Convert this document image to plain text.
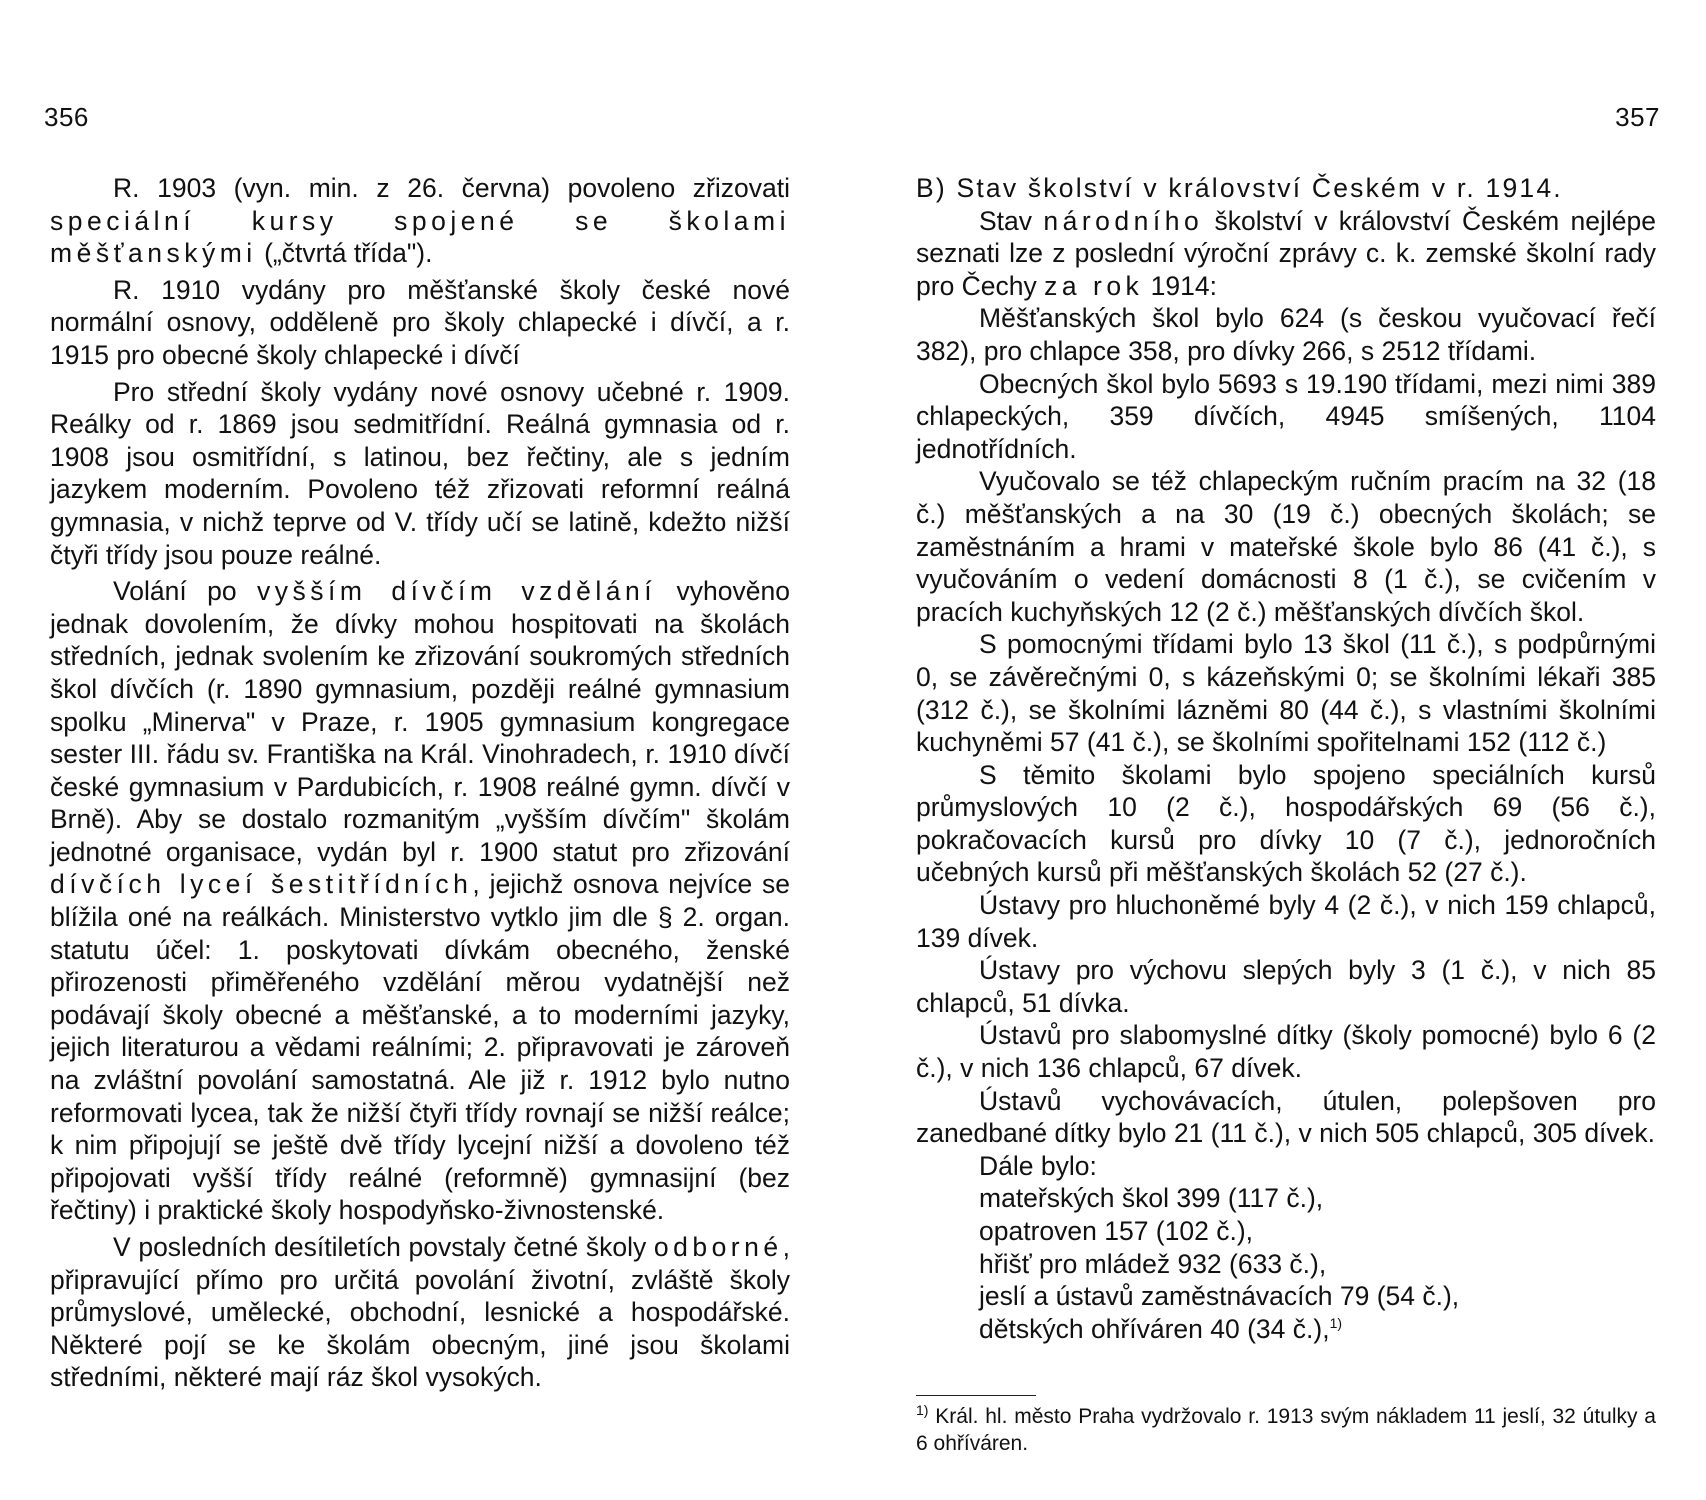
356

R. 1903 (vyn. min. z 26. června) povoleno zřizovati speciální kursy spojené se školami měšťanskými („čtvrtá třída").

R. 1910 vydány pro měšťanské školy české nové normální osnovy, odděleně pro školy chlapecké i dívčí, a r. 1915 pro obecné školy chlapecké i dívčí

Pro střední školy vydány nové osnovy učebné r. 1909. Reálky od r. 1869 jsou sedmitřídní. Reálná gymnasia od r. 1908 jsou osmitřídní, s latinou, bez řečtiny, ale s jedním jazykem moderním. Povoleno též zřizovati reformní reálná gymnasia, v nichž teprve od V. třídy učí se latině, kdežto nižší čtyři třídy jsou pouze reálné.

Volání po vyšším dívčím vzdělání vyhověno jednak dovolením, že dívky mohou hospitovati na školách středních, jednak svolením ke zřizování soukromých středních škol dívčích (r. 1890 gymnasium, později reálné gymnasium spolku „Minerva" v Praze, r. 1905 gymnasium kongregace sester III. řádu sv. Františka na Král. Vinohradech, r. 1910 dívčí české gymnasium v Pardubicích, r. 1908 reálné gymn. dívčí v Brně). Aby se dostalo rozmanitým „vyšším dívčím" školám jednotné organisace, vydán byl r. 1900 statut pro zřizování dívčích lyceí šestitřídních, jejichž osnova nejvíce se blížila oné na reálkách. Ministerstvo vytklo jim dle § 2. organ. statutu účel: 1. poskytovati dívkám obecného, ženské přirozenosti přiměřeného vzdělání měrou vydatnější než podávají školy obecné a měšťanské, a to moderními jazyky, jejich literaturou a vědami reálními; 2. připravovati je zároveň na zvláštní povolání samostatná. Ale již r. 1912 bylo nutno reformovati lycea, tak že nižší čtyři třídy rovnají se nižší reálce; k nim připojují se ještě dvě třídy lycejní nižší a dovoleno též připojovati vyšší třídy reálné (reformně) gymnasijní (bez řečtiny) i praktické školy hospodyňsko-živnostenské.

V posledních desítiletích povstaly četné školy odborné, připravující přímo pro určitá povolání životní, zvláště školy průmyslové, umělecké, obchodní, lesnické a hospodářské. Některé pojí se ke školám obecným, jiné jsou školami středními, některé mají ráz škol vysokých.

357

B) Stav školství v království Českém v r. 1914.

Stav národního školství v království Českém nejlépe seznati lze z poslední výroční zprávy c. k. zemské školní rady pro Čechy za rok 1914:

Měšťanských škol bylo 624 (s českou vyučovací řečí 382), pro chlapce 358, pro dívky 266, s 2512 třídami.

Obecných škol bylo 5693 s 19.190 třídami, mezi nimi 389 chlapeckých, 359 dívčích, 4945 smíšených, 1104 jednotřídních.

Vyučovalo se též chlapeckým ručním pracím na 32 (18 č.) měšťanských a na 30 (19 č.) obecných školách; se zaměstnáním a hrami v mateřské škole bylo 86 (41 č.), s vyučováním o vedení domácnosti 8 (1 č.), se cvičením v pracích kuchyňských 12 (2 č.) měšťanských dívčích škol.

S pomocnými třídami bylo 13 škol (11 č.), s podpůrnými 0, se závěrečnými 0, s kázeňskými 0; se školními lékaři 385 (312 č.), se školními lázněmi 80 (44 č.), s vlastními školními kuchyněmi 57 (41 č.), se školními spořitelnami 152 (112 č.)

S těmito školami bylo spojeno speciálních kursů průmyslových 10 (2 č.), hospodářských 69 (56 č.), pokračovacích kursů pro dívky 10 (7 č.), jednoročních učebných kursů při měšťanských školách 52 (27 č.).

Ústavy pro hluchoněmé byly 4 (2 č.), v nich 159 chlapců, 139 dívek.

Ústavy pro výchovu slepých byly 3 (1 č.), v nich 85 chlapců, 51 dívka.

Ústavů pro slabomyslné dítky (školy pomocné) bylo 6 (2 č.), v nich 136 chlapců, 67 dívek.

Ústavů vychovávacích, útulen, polepšoven pro zanedbané dítky bylo 21 (11 č.), v nich 505 chlapců, 305 dívek.

Dále bylo:

mateřských škol 399 (117 č.),

opatroven 157 (102 č.),

hřišť pro mládež 932 (633 č.),

jeslí a ústavů zaměstnávacích 79 (54 č.),

dětských ohříváren 40 (34 č.),$^{1)}$

$^{1)}$ Král. hl. město Praha vydržovalo r. 1913 svým nákladem 11 jeslí, 32 útulky a 6 ohříváren.
